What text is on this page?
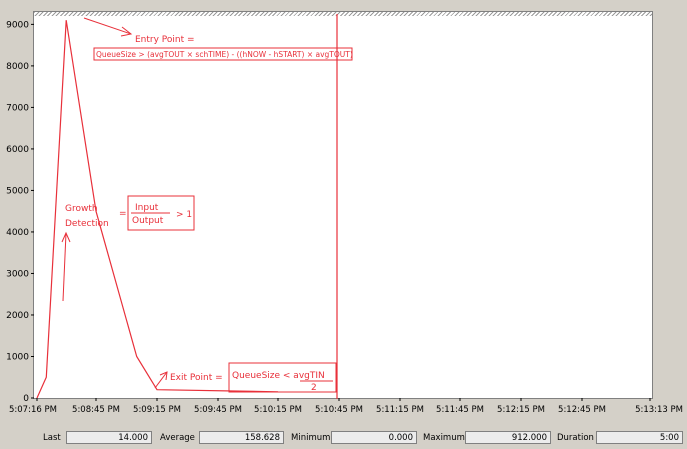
0
1000
2000
3000
4000
5000
6000
7000
8000
9000
5:07:16 PM 5:08:45 PM 5:09:15 PM 5:09:45 PM 5:10:15 PM 5:10:45 PM 5:11:15 PM 5:11:45 PM 5:12:15 PM 5:12:45 PM	5:13:13 PM
Entry Point =
QueueSize > (avgTOUT × schTIME) - ((hNOW - hSTART) × avgTOUT)
Growth
Detection
=
Input
Output
> 1
Exit Point = QueueSize < avgTIN
2
Last	14.000	Average	158.628	Minimum	0.000	Maximum	912.000	Duration	5:00
